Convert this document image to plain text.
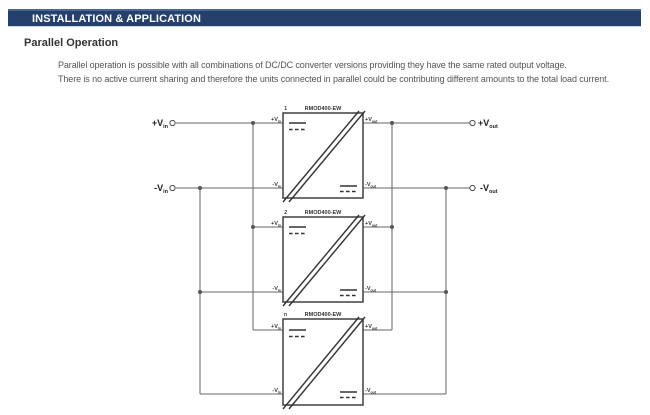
INSTALLATION & APPLICATION
Parallel Operation
Parallel operation is possible with all combinations of DC/DC converter versions providing they have the same rated output voltage.
There is no active current sharing and therefore the units connected in parallel could be contributing different amounts to the total load current.
$+V_{in}$
$-V_{in}$
$+V_{out}$
$-V_{out}$
1	RMOD400-EW
$+V_{in}$
$-V_{in}$
$+V_{out}$
$-V_{out}$
2	RMOD400-EW
$+V_{in}$
$-V_{in}$
$+V_{out}$
$-V_{out}$
n	RMOD400-EW
$+V_{in}$
$-V_{in}$
$+V_{out}$
$-V_{out}$
